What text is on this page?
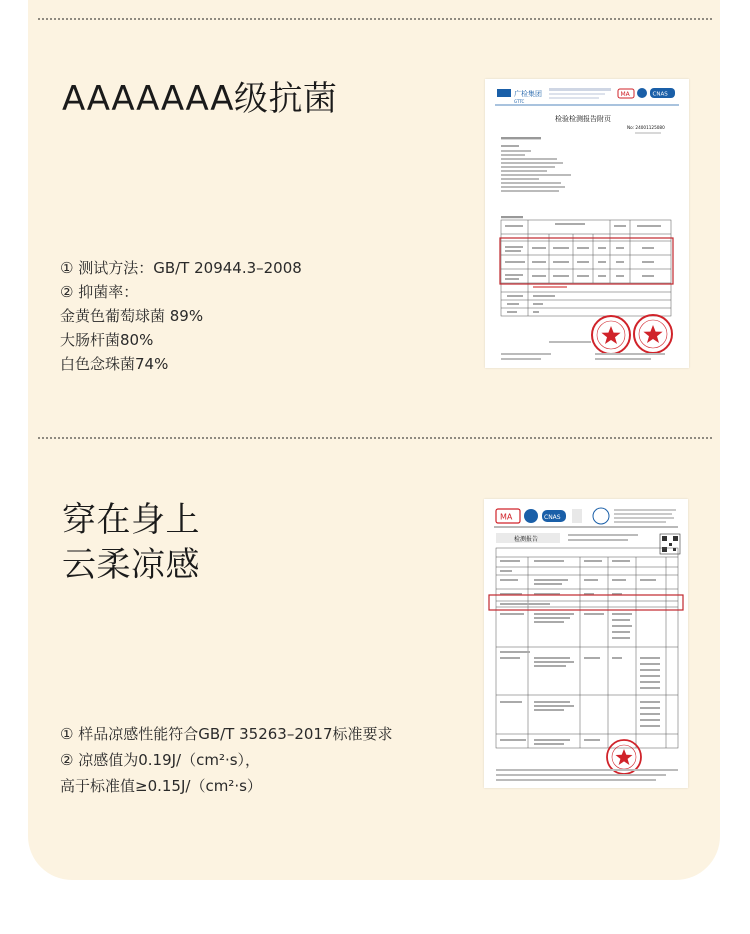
AAAAAAA级抗菌
① 测试方法：GB/T 20944.3–2008
② 抑菌率：
金黄色葡萄球菌 89%
大肠杆菌80%
白色念珠菌74%
广检集团
GTTC
MA	CNAS
检验检测报告附页
No: 24001125080
穿在身上
云柔凉感
① 样品凉感性能符合GB/T 35263–2017标准要求
② 凉感值为0.19J/（cm²·s），
高于标准值≥0.15J/（cm²·s）
MA	CNAS
检测报告
